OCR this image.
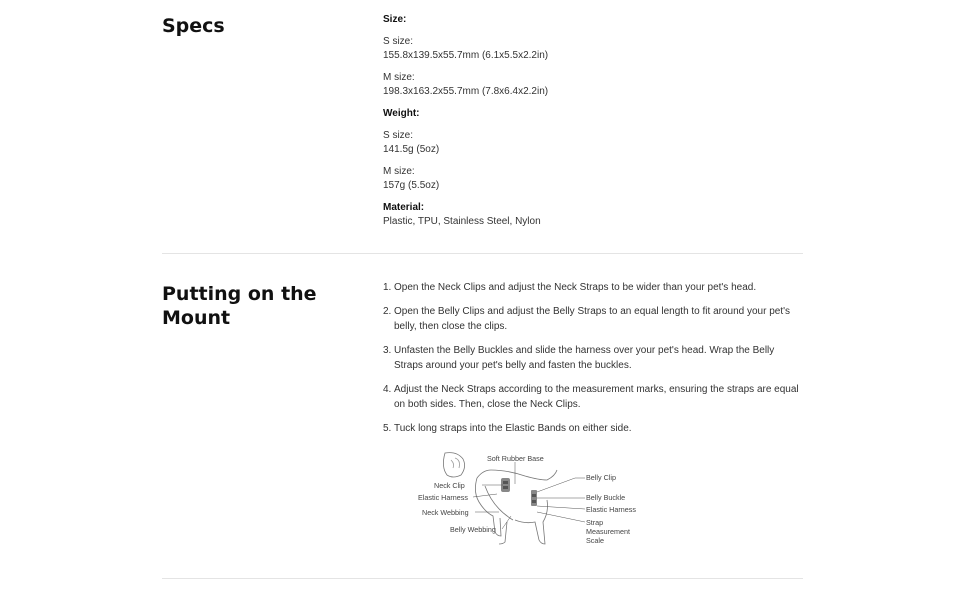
Specs	Size:

S size:

155.8x139.5x55.7mm (6.1x5.5x2.2in)

M size:

198.3x163.2x55.7mm (7.8x6.4x2.2in)

Weight:

S size:

141.5g (5oz)

M size:

157g (5.5oz)

Material:

Plastic, TPU, Stainless Steel, Nylon

Putting on the
Mount
1. Open the Neck Clips and adjust the Neck Straps to be wider than your pet's head.
2. Open the Belly Clips and adjust the Belly Straps to an equal length to fit around your pet's belly, then close the clips.
3. Unfasten the Belly Buckles and slide the harness over your pet's head. Wrap the Belly Straps around your pet's belly and fasten the buckles.
4. Adjust the Neck Straps according to the measurement marks, ensuring the straps are equal on both sides. Then, close the Neck Clips.
5. Tuck long straps into the Elastic Bands on either side.
Soft Rubber Base
Neck Clip
Elastic Harness
Neck Webbing
Belly Webbing
Belly Clip
Belly Buckle
Elastic Harness
Strap
Measurement
Scale
